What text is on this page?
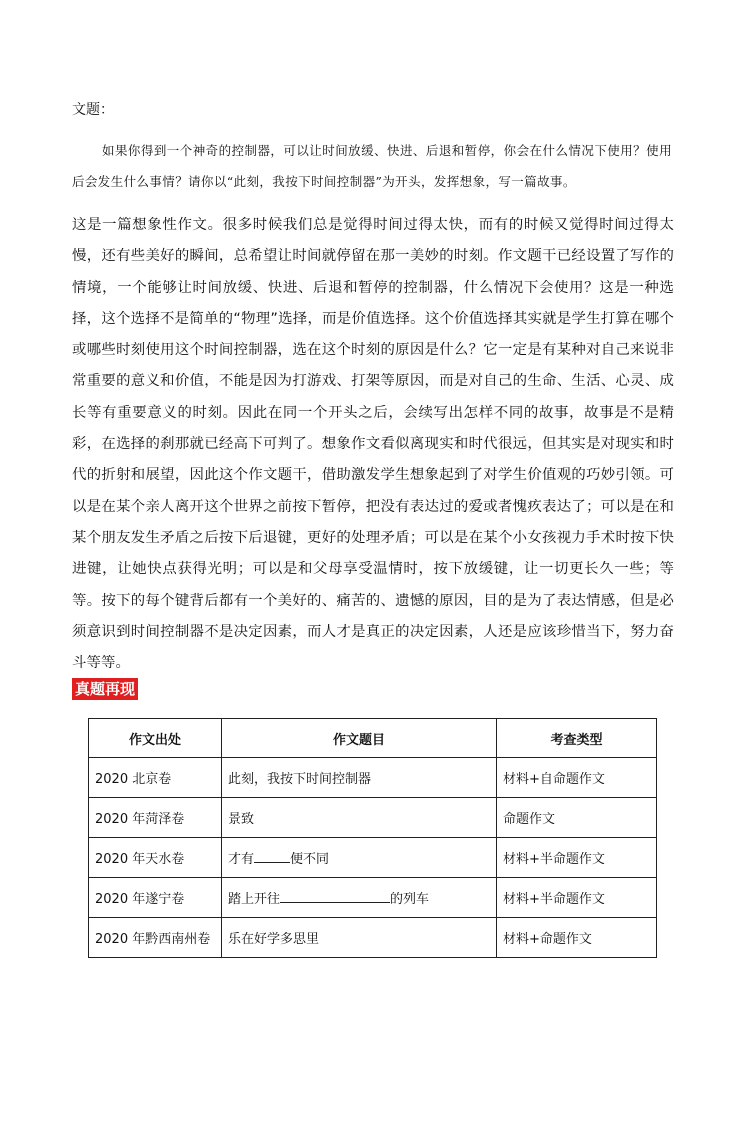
文题：
如果你得到一个神奇的控制器，可以让时间放缓、快进、后退和暂停，你会在什么情况下使用？使用后会发生什么事情？请你以“此刻，我按下时间控制器”为开头，发挥想象，写一篇故事。

这是一篇想象性作文。很多时候我们总是觉得时间过得太快，而有的时候又觉得时间过得太慢，还有些美好的瞬间，总希望让时间就停留在那一美妙的时刻。作文题干已经设置了写作的情境，一个能够让时间放缓、快进、后退和暂停的控制器，什么情况下会使用？这是一种选择，这个选择不是简单的“物理”选择，而是价值选择。这个价值选择其实就是学生打算在哪个或哪些时刻使用这个时间控制器，选在这个时刻的原因是什么？它一定是有某种对自己来说非常重要的意义和价值，不能是因为打游戏、打架等原因，而是对自己的生命、生活、心灵、成长等有重要意义的时刻。因此在同一个开头之后，会续写出怎样不同的故事，故事是不是精彩，在选择的刹那就已经高下可判了。想象作文看似离现实和时代很远，但其实是对现实和时代的折射和展望，因此这个作文题干，借助激发学生想象起到了对学生价值观的巧妙引领。可以是在某个亲人离开这个世界之前按下暂停，把没有表达过的爱或者愧疚表达了；可以是在和某个朋友发生矛盾之后按下后退键，更好的处理矛盾；可以是在某个小女孩视力手术时按下快进键，让她快点获得光明；可以是和父母享受温情时，按下放缓键，让一切更长久一些；等等。按下的每个键背后都有一个美好的、痛苦的、遗憾的原因，目的是为了表达情感，但是必须意识到时间控制器不是决定因素，而人才是真正的决定因素，人还是应该珍惜当下，努力奋斗等等。

真题再现
作文出处	作文题目	考查类型
2020 北京卷	此刻，我按下时间控制器	材料+自命题作文
2020 年菏泽卷	景致	命题作文
2020 年天水卷	才有 便不同	材料+半命题作文
2020 年遂宁卷	踏上开往 的列车	材料+半命题作文
2020 年黔西南州卷	乐在好学多思里	材料+命题作文
